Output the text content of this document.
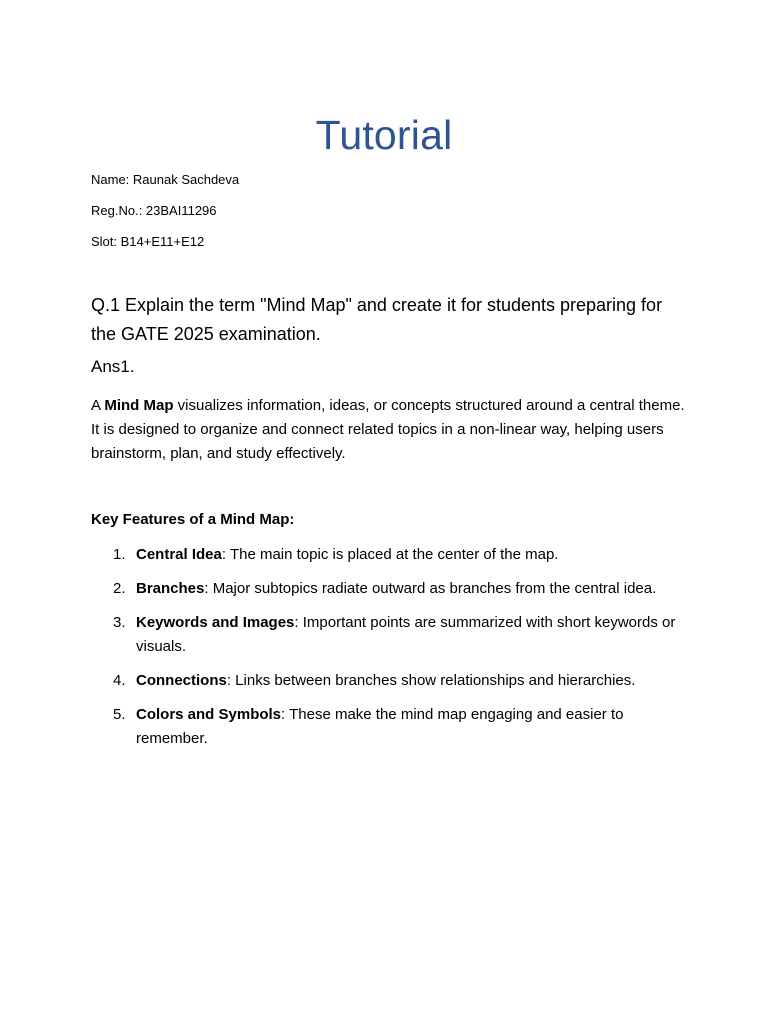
Tutorial

Name: Raunak Sachdeva

Reg.No.: 23BAI11296

Slot: B14+E11+E12

Q.1 Explain the term "Mind Map" and create it for students preparing for the GATE 2025 examination.

Ans1.

A Mind Map visualizes information, ideas, or concepts structured around a central theme. It is designed to organize and connect related topics in a non-linear way, helping users brainstorm, plan, and study effectively.

Key Features of a Mind Map:

1. Central Idea: The main topic is placed at the center of the map.
2. Branches: Major subtopics radiate outward as branches from the central idea.
3. Keywords and Images: Important points are summarized with short keywords or visuals.
4. Connections: Links between branches show relationships and hierarchies.
5. Colors and Symbols: These make the mind map engaging and easier to remember.
